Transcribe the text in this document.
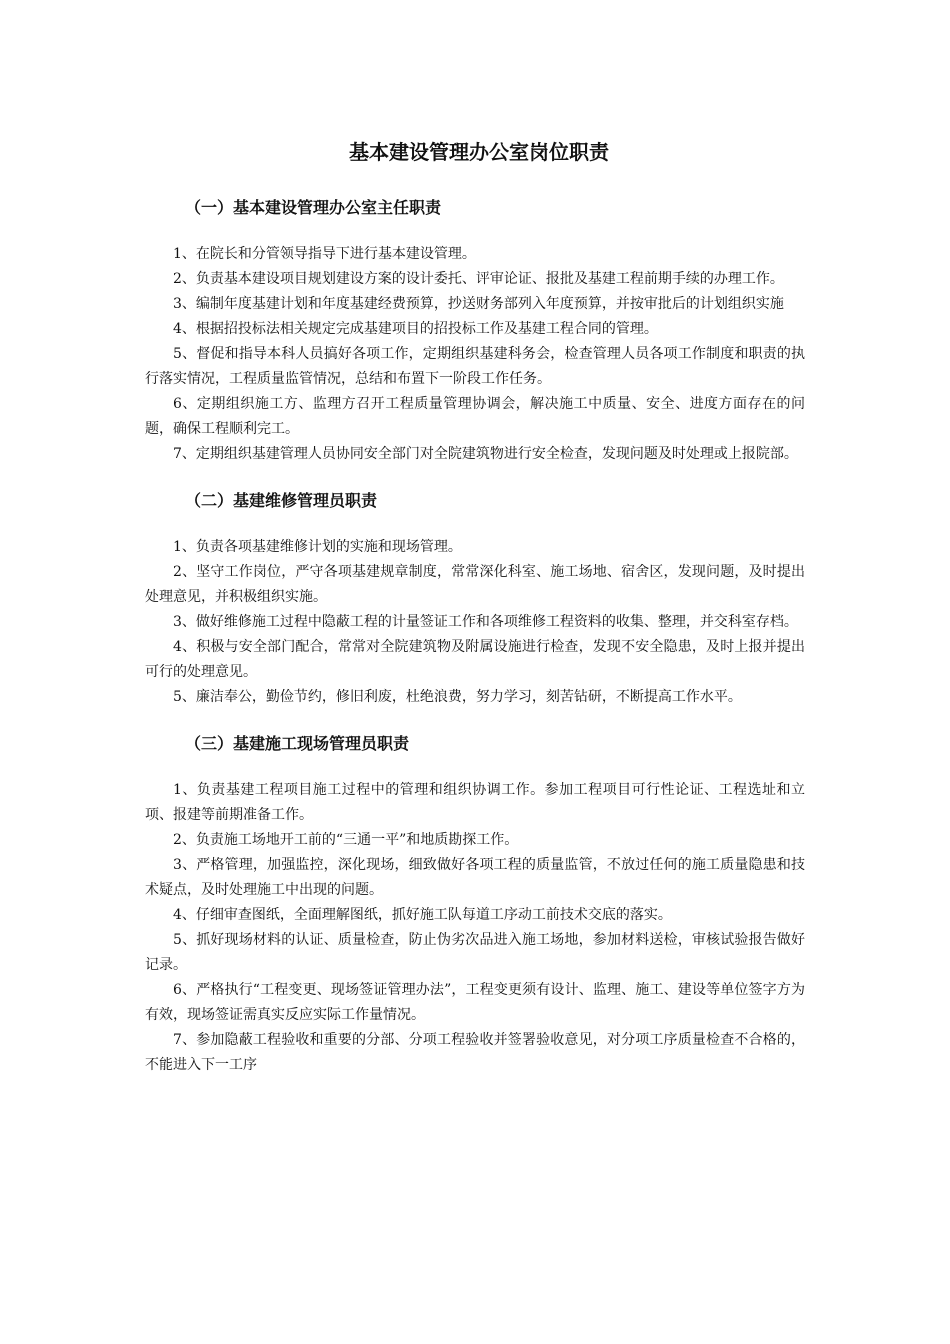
基本建设管理办公室岗位职责
（一）基本建设管理办公室主任职责

1、在院长和分管领导指导下进行基本建设管理。

2、负责基本建设项目规划建设方案的设计委托、评审论证、报批及基建工程前期手续的办理工作。

3、编制年度基建计划和年度基建经费预算，抄送财务部列入年度预算，并按审批后的计划组织实施

4、根据招投标法相关规定完成基建项目的招投标工作及基建工程合同的管理。

5、督促和指导本科人员搞好各项工作，定期组织基建科务会，检查管理人员各项工作制度和职责的执行落实情况，工程质量监管情况，总结和布置下一阶段工作任务。

6、定期组织施工方、监理方召开工程质量管理协调会，解决施工中质量、安全、进度方面存在的问题，确保工程顺利完工。

7、定期组织基建管理人员协同安全部门对全院建筑物进行安全检查，发现问题及时处理或上报院部。

（二）基建维修管理员职责

1、负责各项基建维修计划的实施和现场管理。

2、坚守工作岗位，严守各项基建规章制度，常常深化科室、施工场地、宿舍区，发现问题，及时提出处理意见，并积极组织实施。

3、做好维修施工过程中隐蔽工程的计量签证工作和各项维修工程资料的收集、整理，并交科室存档。

4、积极与安全部门配合，常常对全院建筑物及附属设施进行检查，发现不安全隐患，及时上报并提出可行的处理意见。

5、廉洁奉公，勤俭节约，修旧利废，杜绝浪费，努力学习，刻苦钻研，不断提高工作水平。

（三）基建施工现场管理员职责

1、负责基建工程项目施工过程中的管理和组织协调工作。参加工程项目可行性论证、工程选址和立项、报建等前期准备工作。

2、负责施工场地开工前的“三通一平”和地质勘探工作。

3、严格管理，加强监控，深化现场，细致做好各项工程的质量监管，不放过任何的施工质量隐患和技术疑点，及时处理施工中出现的问题。

4、仔细审查图纸，全面理解图纸，抓好施工队每道工序动工前技术交底的落实。

5、抓好现场材料的认证、质量检查，防止伪劣次品进入施工场地，参加材料送检，审核试验报告做好记录。

6、严格执行“工程变更、现场签证管理办法”，工程变更须有设计、监理、施工、建设等单位签字方为有效，现场签证需真实反应实际工作量情况。

7、参加隐蔽工程验收和重要的分部、分项工程验收并签署验收意见，对分项工序质量检查不合格的，不能进入下一工序
